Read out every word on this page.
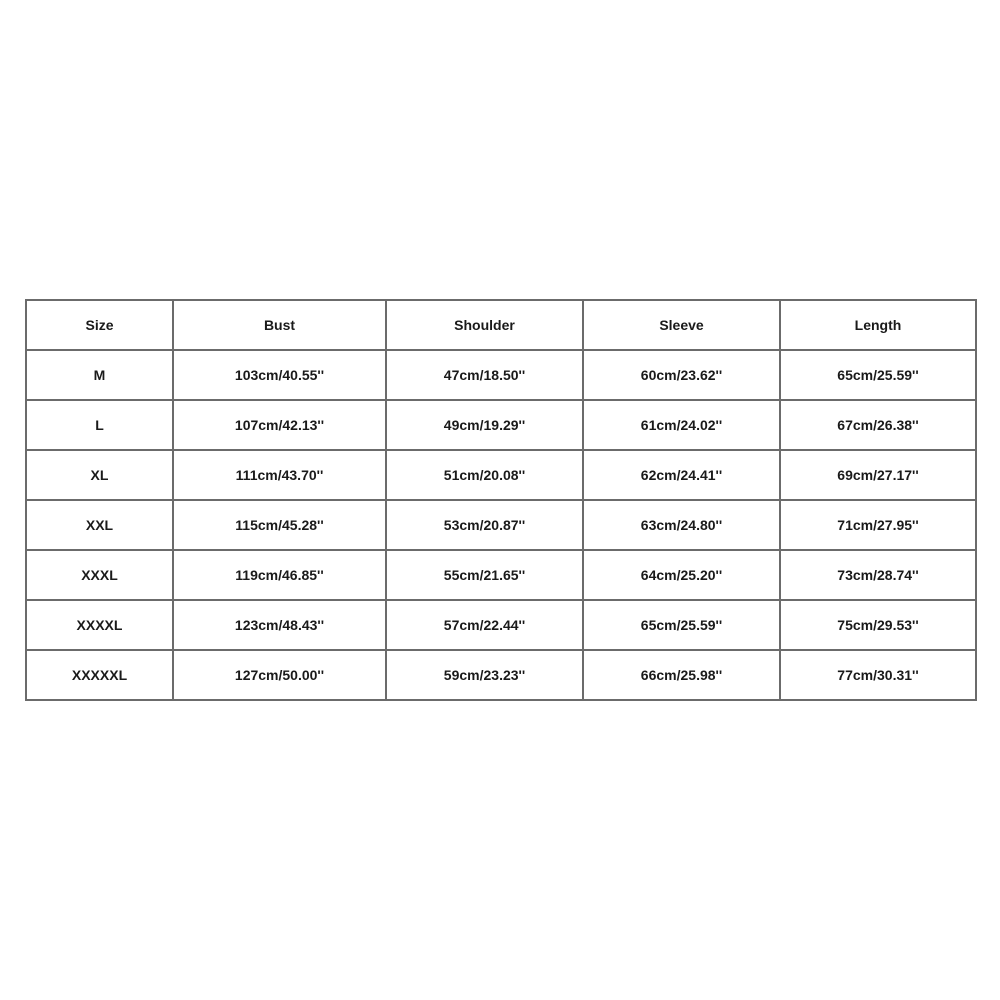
Size	Bust	Shoulder	Sleeve	Length
M	103cm/40.55''	47cm/18.50''	60cm/23.62''	65cm/25.59''
L	107cm/42.13''	49cm/19.29''	61cm/24.02''	67cm/26.38''
XL	111cm/43.70''	51cm/20.08''	62cm/24.41''	69cm/27.17''
XXL	115cm/45.28''	53cm/20.87''	63cm/24.80''	71cm/27.95''
XXXL	119cm/46.85''	55cm/21.65''	64cm/25.20''	73cm/28.74''
XXXXL	123cm/48.43''	57cm/22.44''	65cm/25.59''	75cm/29.53''
XXXXXL	127cm/50.00''	59cm/23.23''	66cm/25.98''	77cm/30.31''
